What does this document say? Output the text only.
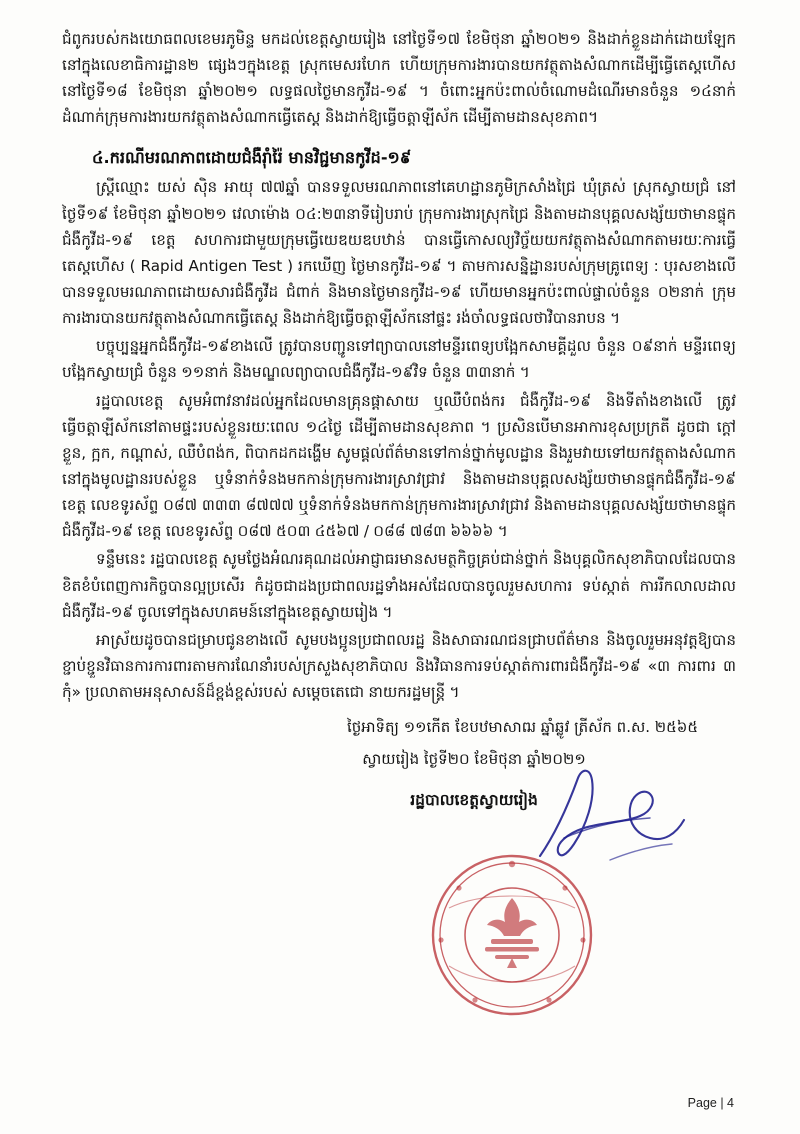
ជំពូករបស់កងយោធពលខេមរភូមិន្ទ មកដល់ខេត្តស្វាយរៀង នៅថ្ងៃទី១៧ ខែមិថុនា ឆ្នាំ២០២១ និងដាក់ខ្លួនដាក់ដោយឡែកនៅក្នុងលេខាធិការដ្ឋាន២ ផ្សេងៗក្នុងខេត្ត ស្រុកមេសរហែក ហើយក្រុមការងារបានយកវត្ថុតាងសំណាកដើម្បីធ្វើតេស្តហើសនៅថ្ងៃទី១៨ ខែមិថុនា ឆ្នាំ២០២១ លទ្ធផលថ្ងៃមានកូវីដ-១៩ ។ ចំពោះអ្នកប៉ះពាល់ចំណោមដំណើរមានចំនួន ១៤នាក់ ដំណាក់ក្រុមការងារយកវត្ថុតាងសំណាកធ្វើតេស្ត និងដាក់ឱ្យធ្វើចត្តាឡីស័ក ដើម្បីតាមដានសុខភាព។

៤.ករណីមរណភាពដោយជំងឺរ៉ាំរ៉ៃ មានវិជ្ជមានកូវីដ-១៩

ស្ត្រីឈ្មោះ យស់ ស៊ិន អាយុ ៧៧ឆ្នាំ បានទទួលមរណភាពនៅគេហដ្ឋានភូមិក្រសាំងជ្រៃ ឃុំត្រស់ ស្រុកស្វាយជ្រំ នៅថ្ងៃទី១៩ ខែមិថុនា ឆ្នាំ២០២១ វេលាម៉ោង ០៤:២៣នាទីរៀបរាប់ ក្រុមការងារស្រុកជ្រៃ និងតាមដានបុគ្គលសង្ស័យថាមានផ្ទុកជំងឺកូវីដ-១៩ ខេត្ត សហការជាមួយក្រុមធ្វើយេឌយឌបឋាន់ បានធ្វើកោសល្យវិច្ច័យយកវត្ថុតាងសំណាកតាមរយៈការធ្វើតេស្តហើស ( Rapid Antigen Test ) រកឃើញ ថ្ងៃមានកូវីដ-១៩ ។ តាមការសន្និដ្ឋានរបស់ក្រុមគ្រូពេទ្យ : បុរសខាងលើបានទទួលមរណភាពដោយសារជំងឺកូវីដ ជំពាក់ និងមានថ្ងៃមានកូវីដ-១៩ ហើយមានអ្នកប៉ះពាល់ផ្ទាល់ចំនួន ០២នាក់ ក្រុមការងារបានយកវត្ថុតាងសំណាកធ្វើតេស្ត និងដាក់ឱ្យធ្វើចត្តាឡីស័កនៅផ្ទះ រង់ចាំលទ្ធផលថាវិបានរាបន ។

បច្ចុប្បន្នអ្នកជំងឺកូវីដ-១៩ខាងលើ ត្រូវបានបញ្ជូនទៅព្យាបាលនៅមន្ទីរពេទ្យបង្អែកសាមគ្គីដួល ចំនួន ០៩នាក់ មន្ទីរពេទ្យបង្អែកស្វាយជ្រំ ចំនួន ១១នាក់ និងមណ្ឌលព្យាបាលជំងឺកូវីដ-១៩វិទ ចំនួន ៣៣នាក់ ។

រដ្ឋបាលខេត្ត សូមអំពាវនាវដល់អ្នកដែលមានគ្រុនផ្តាសាយ ឬឈឺបំពង់ករ ជំងឺកូវីដ-១៩ និងទីតាំងខាងលើ ត្រូវធ្វើចត្តាឡីស័កនៅតាមផ្ទះរបស់ខ្លួនរយៈពេល ១៤ថ្ងៃ ដើម្បីតាមដានសុខភាព ។ ប្រសិនបើមានអាការខុសប្រក្រតី ដូចជា ក្តៅខ្លួន, ក្អក, កណ្តាស់, ឈឺបំពង់ក, ពិបាកដកដង្ហើម សូមផ្តល់ព័ត៌មានទៅកាន់ថ្នាក់មូលដ្ឋាន និងរួមវាយទៅយកវត្ថុតាងសំណាកនៅក្នុងមូលដ្ឋានរបស់ខ្លួន ឬទំនាក់ទំនងមកកាន់ក្រុមការងារស្រាវជ្រាវ និងតាមដានបុគ្គលសង្ស័យថាមានផ្ទុកជំងឺកូវីដ-១៩ ខេត្ត លេខទូរស័ព្ទ ០៨៧ ៣៣៣ ៨៧៧៧ ឬទំនាក់ទំនងមកកាន់ក្រុមការងារស្រាវជ្រាវ និងតាមដានបុគ្គលសង្ស័យថាមានផ្ទុកជំងឺកូវីដ-១៩ ខេត្ត លេខទូរស័ព្ទ ០៨៧ ៥០៣ ៤៥៦៧ / ០៨៨ ៧៨៣ ៦៦៦៦ ។

ទន្ទឹមនេះ រដ្ឋបាលខេត្ត សូមថ្លែងអំណរគុណដល់អាជ្ញាធរមានសមត្ថកិច្ចគ្រប់ជាន់ថ្នាក់ និងបុគ្គលិកសុខាភិបាលដែលបានខិតខំបំពេញការកិច្ចបានល្អប្រសើរ កំដូចជាដងប្រជាពលរដ្ឋទាំងអស់ដែលបានចូលរួមសហការ ទប់ស្កាត់ ការរីកលាលដាលជំងឺកូវីដ-១៩ ចូលទៅក្នុងសហគមន៍នៅក្នុងខេត្តស្វាយរៀង ។

អាស្រ័យដូចបានជម្រាបជូនខាងលើ សូមបងប្អូនប្រជាពលរដ្ឋ និងសាធារណជនជ្រាបព័ត៌មាន និងចូលរួមអនុវត្តឱ្យបានខ្ជាប់ខ្ជួនវិធានការការពារតាមការណែនាំរបស់ក្រសួងសុខាភិបាល និងវិធានការទប់ស្កាត់ការពារជំងឺកូវីដ-១៩ «៣ ការពារ ៣ កុំ» ប្រលាតាមអនុសាសន៍ដ៏ខ្ពង់ខ្ពស់របស់ សម្តេចតេជោ នាយករដ្ឋមន្ត្រី ។

ថ្ងៃអាទិត្យ ១១កើត ខែបឋមាសាឍ ឆ្នាំឆ្លូវ ត្រីស័ក ព.ស. ២៥៦៥

ស្វាយរៀង ថ្ងៃទី២០ ខែមិថុនា ឆ្នាំ២០២១

រដ្ឋបាលខេត្តស្វាយរៀង

Page | 4
